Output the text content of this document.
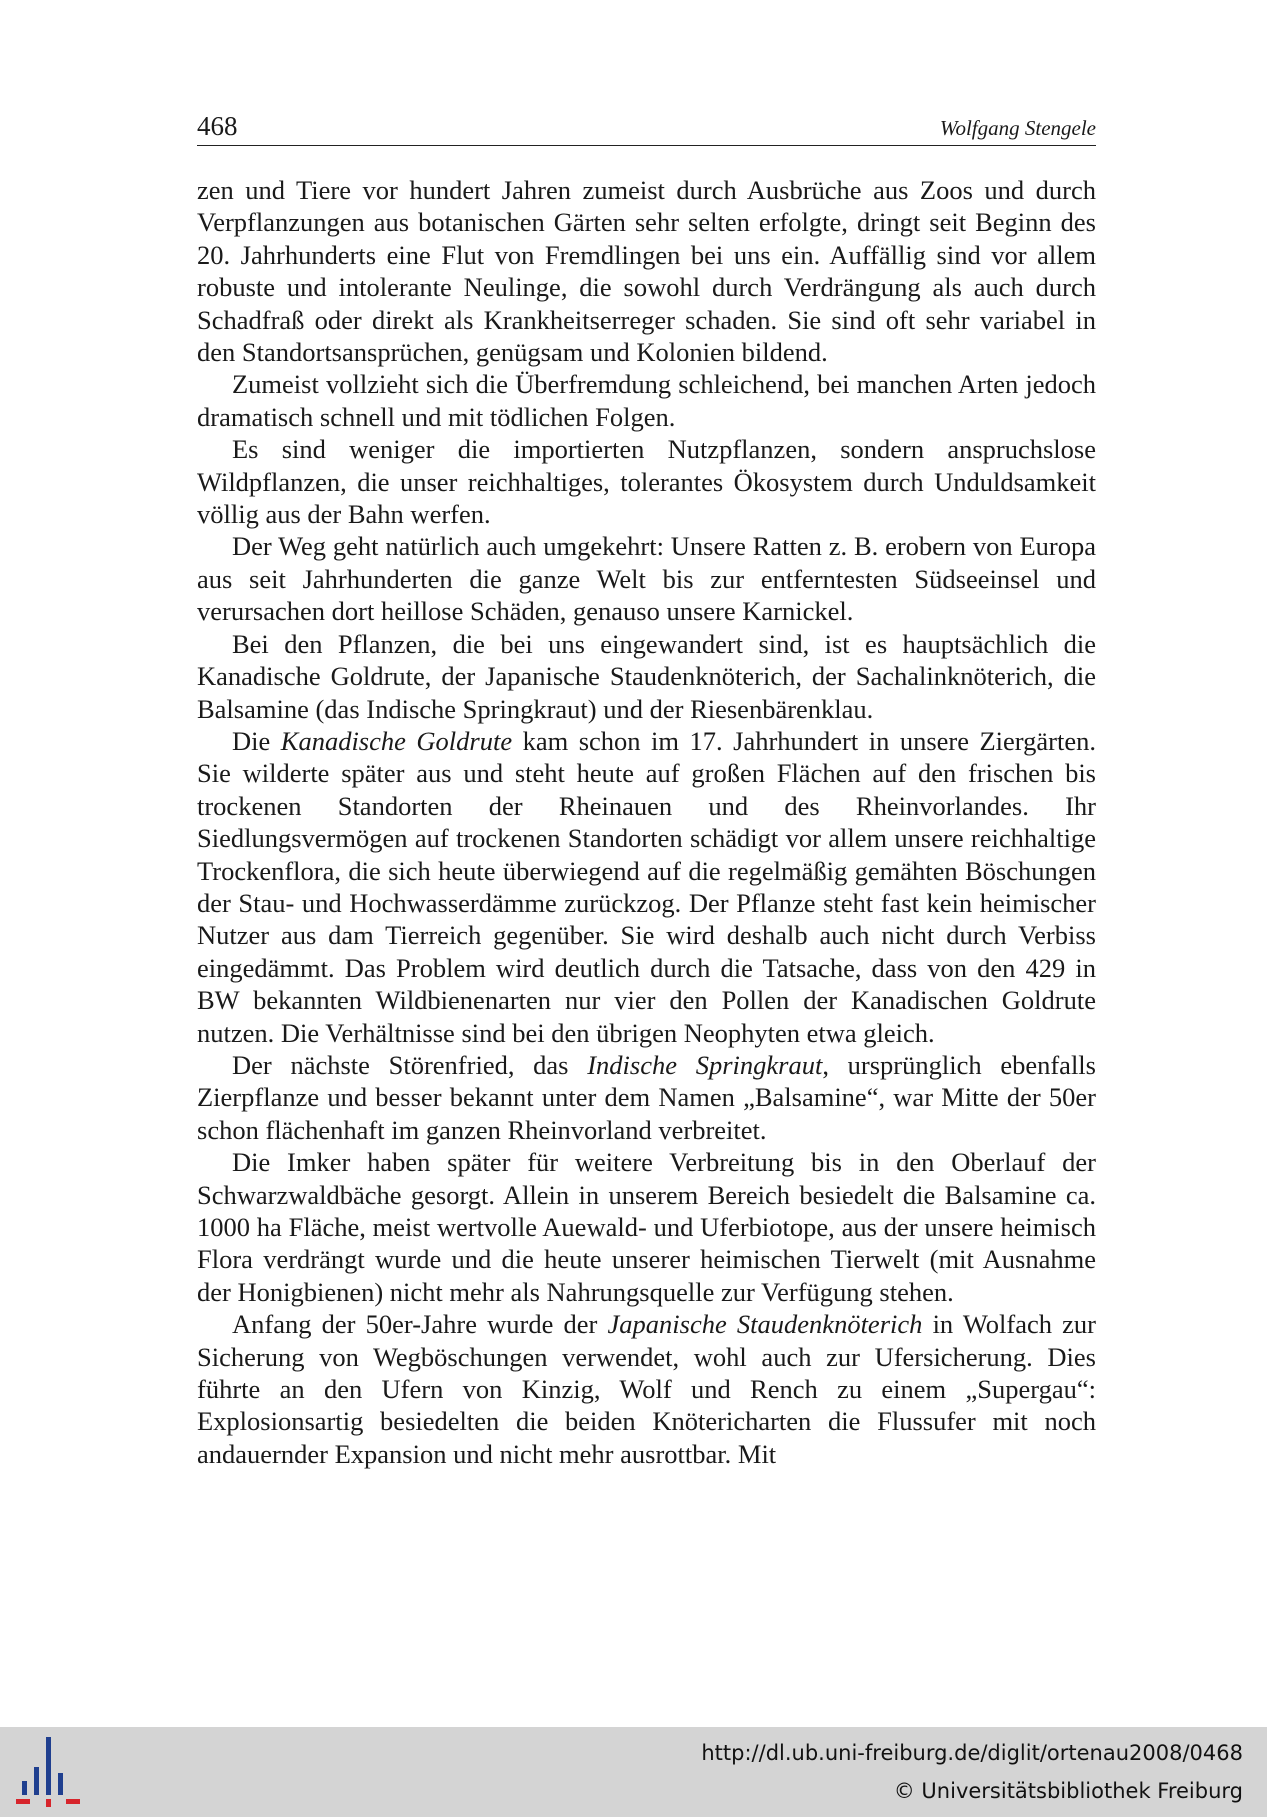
468	Wolfgang Stengele

zen und Tiere vor hundert Jahren zumeist durch Ausbrüche aus Zoos und durch Verpflanzungen aus botanischen Gärten sehr selten erfolgte, dringt seit Beginn des 20. Jahrhunderts eine Flut von Fremdlingen bei uns ein. Auffällig sind vor allem robuste und intolerante Neulinge, die sowohl durch Verdrängung als auch durch Schadfraß oder direkt als Krankheitserreger schaden. Sie sind oft sehr variabel in den Standortsansprüchen, genügsam und Kolonien bildend.

Zumeist vollzieht sich die Überfremdung schleichend, bei manchen Arten jedoch dramatisch schnell und mit tödlichen Folgen.

Es sind weniger die importierten Nutzpflanzen, sondern anspruchslose Wildpflanzen, die unser reichhaltiges, tolerantes Ökosystem durch Unduldsamkeit völlig aus der Bahn werfen.

Der Weg geht natürlich auch umgekehrt: Unsere Ratten z. B. erobern von Europa aus seit Jahrhunderten die ganze Welt bis zur entferntesten Südseeinsel und verursachen dort heillose Schäden, genauso unsere Karnickel.

Bei den Pflanzen, die bei uns eingewandert sind, ist es hauptsächlich die Kanadische Goldrute, der Japanische Staudenknöterich, der Sachalinknöterich, die Balsamine (das Indische Springkraut) und der Riesenbärenklau.

Die Kanadische Goldrute kam schon im 17. Jahrhundert in unsere Ziergärten. Sie wilderte später aus und steht heute auf großen Flächen auf den frischen bis trockenen Standorten der Rheinauen und des Rheinvorlandes. Ihr Siedlungsvermögen auf trockenen Standorten schädigt vor allem unsere reichhaltige Trockenflora, die sich heute überwiegend auf die regelmäßig gemähten Böschungen der Stau- und Hochwasserdämme zurückzog. Der Pflanze steht fast kein heimischer Nutzer aus dam Tierreich gegenüber. Sie wird deshalb auch nicht durch Verbiss eingedämmt. Das Problem wird deutlich durch die Tatsache, dass von den 429 in BW bekannten Wildbienenarten nur vier den Pollen der Kanadischen Goldrute nutzen. Die Verhältnisse sind bei den übrigen Neophyten etwa gleich.

Der nächste Störenfried, das Indische Springkraut, ursprünglich ebenfalls Zierpflanze und besser bekannt unter dem Namen „Balsamine“, war Mitte der 50er schon flächenhaft im ganzen Rheinvorland verbreitet.

Die Imker haben später für weitere Verbreitung bis in den Oberlauf der Schwarzwaldbäche gesorgt. Allein in unserem Bereich besiedelt die Balsamine ca. 1000 ha Fläche, meist wertvolle Auewald- und Uferbiotope, aus der unsere heimisch Flora verdrängt wurde und die heute unserer heimischen Tierwelt (mit Ausnahme der Honigbienen) nicht mehr als Nahrungsquelle zur Verfügung stehen.

Anfang der 50er-Jahre wurde der Japanische Staudenknöterich in Wolfach zur Sicherung von Wegböschungen verwendet, wohl auch zur Ufersicherung. Dies führte an den Ufern von Kinzig, Wolf und Rench zu einem „Supergau“: Explosionsartig besiedelten die beiden Knötericharten die Flussufer mit noch andauernder Expansion und nicht mehr ausrottbar. Mit

http://dl.ub.uni-freiburg.de/diglit/ortenau2008/0468
© Universitätsbibliothek Freiburg
